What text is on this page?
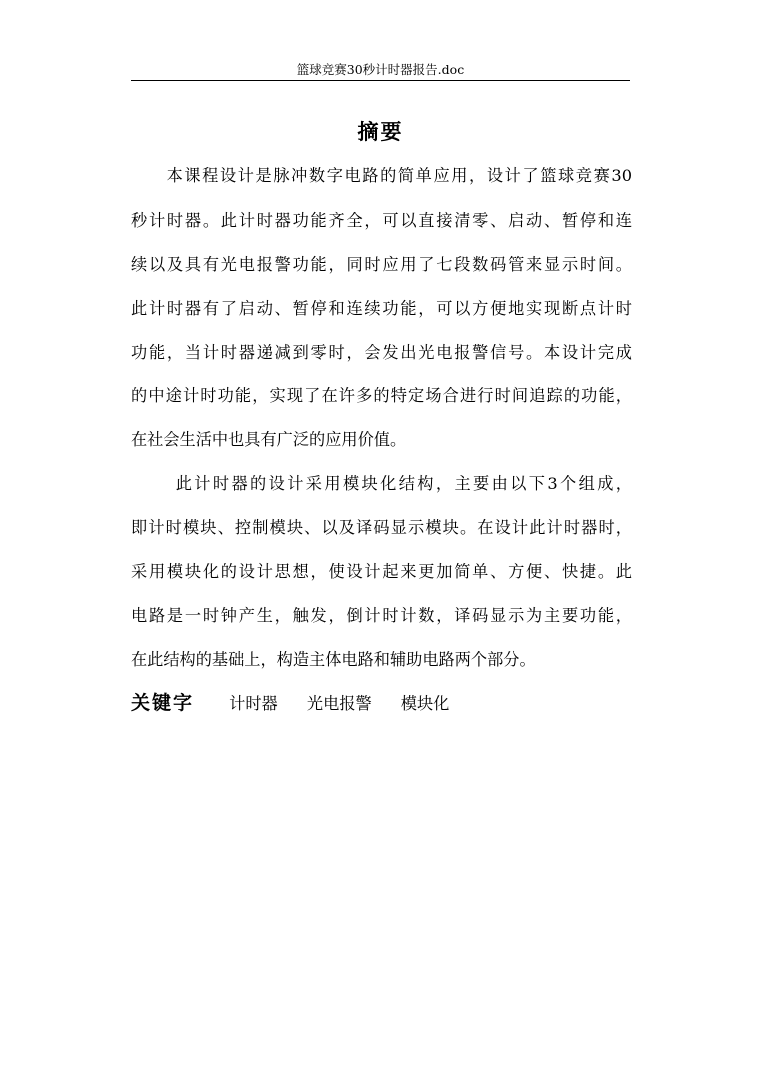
篮球竞赛30秒计时器报告.doc
摘要
　　本课程设计是脉冲数字电路的简单应用，设计了篮球竞赛30
秒计时器。此计时器功能齐全，可以直接清零、启动、暂停和连
续以及具有光电报警功能，同时应用了七段数码管来显示时间。
此计时器有了启动、暂停和连续功能，可以方便地实现断点计时
功能，当计时器递减到零时，会发出光电报警信号。本设计完成
的中途计时功能，实现了在许多的特定场合进行时间追踪的功能，
在社会生活中也具有广泛的应用价值。
　　 此计时器的设计采用模块化结构，主要由以下3个组成，
即计时模块、控制模块、以及译码显示模块。在设计此计时器时，
采用模块化的设计思想，使设计起来更加简单、方便、快捷。此
电路是一时钟产生，触发，倒计时计数，译码显示为主要功能，
在此结构的基础上，构造主体电路和辅助电路两个部分。
关键字 计时器 光电报警 模块化
